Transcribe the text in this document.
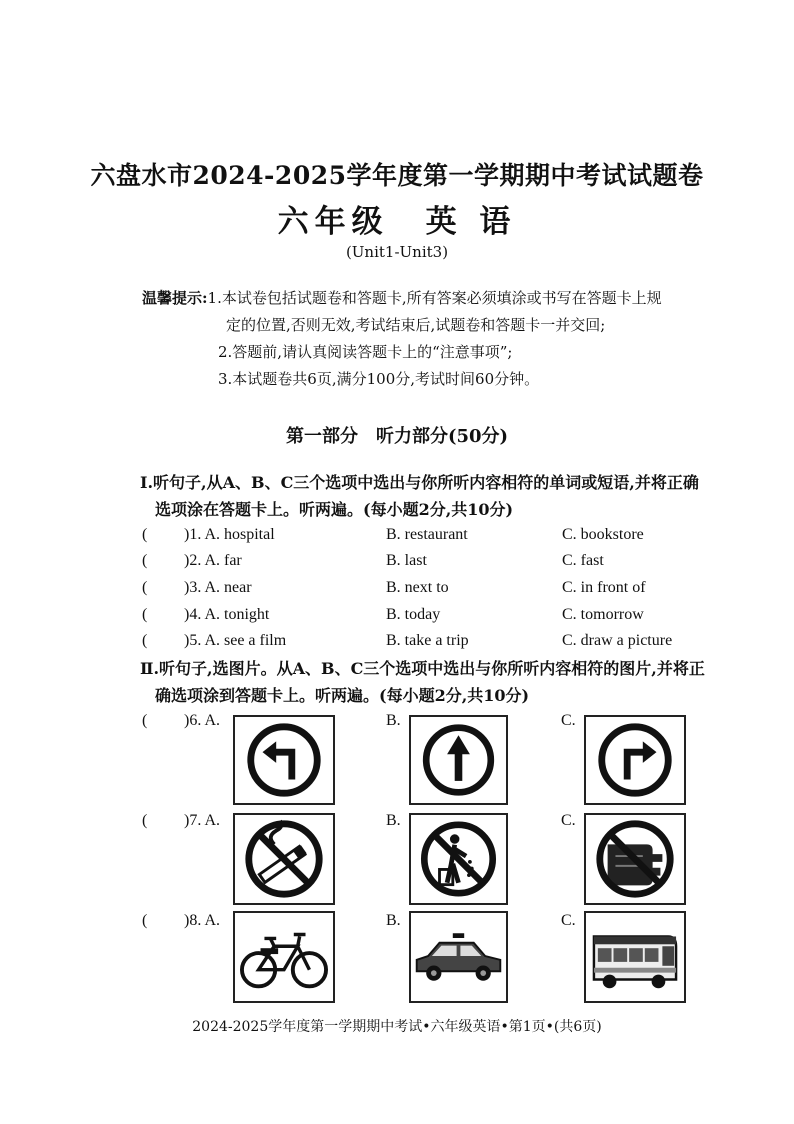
六盘水市2024-2025学年度第一学期期中考试试题卷
六年级　英 语
(Unit1-Unit3)
温馨提示:1.本试卷包括试题卷和答题卡,所有答案必须填涂或书写在答题卡上规
定的位置,否则无效,考试结束后,试题卷和答题卡一并交回;
2.答题前,请认真阅读答题卡上的“注意事项”;
3.本试题卷共6页,满分100分,考试时间60分钟。
第一部分　听力部分(50分)
Ⅰ.听句子,从A、B、C三个选项中选出与你所听内容相符的单词或短语,并将正确
选项涂在答题卡上。听两遍。(每小题2分,共10分)
( )1. A. hospital	B. restaurant	C. bookstore
( )2. A. far	B. last	C. fast
( )3. A. near	B. next to	C. in front of
( )4. A. tonight	B. today	C. tomorrow
( )5. A. see a film	B. take a trip	C. draw a picture
Ⅱ.听句子,选图片。从A、B、C三个选项中选出与你所听内容相符的图片,并将正
确选项涂到答题卡上。听两遍。(每小题2分,共10分)
( )6. A.	B.	C.
( )7. A.	B.	C.
( )8. A.	B.	C.
2024-2025学年度第一学期期中考试•六年级英语•第1页•(共6页)
